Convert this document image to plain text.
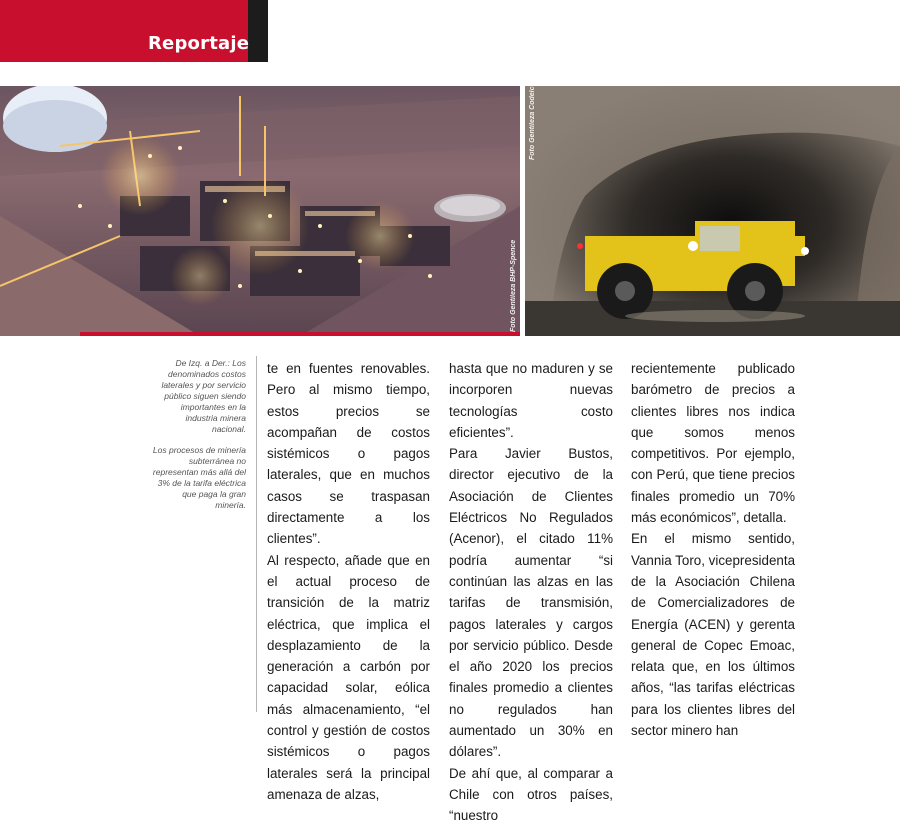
Reportaje
Foto Gentileza BHP-Spence
Foto Gentileza Codelco

De Izq. a Der.: Los denominados costos laterales y por servicio público siguen siendo importantes en la industria minera nacional.

Los procesos de minería subterránea no representan más allá del 3% de la tarifa eléctrica que paga la gran minería.

te en fuentes renovables. Pero al mismo tiempo, estos precios se acompañan de costos sistémicos o pagos laterales, que en muchos casos se traspasan directamente a los clientes”.

Al respecto, añade que en el actual proceso de transición de la matriz eléctrica, que implica el desplazamiento de la generación a carbón por capacidad solar, eólica más almacenamiento, “el control y gestión de costos sistémicos o pagos laterales será la principal amenaza de alzas,

hasta que no maduren y se incorporen nuevas tecnologías costo eficientes”.

Para Javier Bustos, director ejecutivo de la Asociación de Clientes Eléctricos No Regulados (Acenor), el citado 11% podría aumentar “si continúan las alzas en las tarifas de transmisión, pagos laterales y cargos por servicio público. Desde el año 2020 los precios finales promedio a clientes no regulados han aumentado un 30% en dólares”.

De ahí que, al comparar a Chile con otros países, “nuestro

recientemente publicado barómetro de precios a clientes libres nos indica que somos menos competitivos. Por ejemplo, con Perú, que tiene precios finales promedio un 70% más económicos”, detalla.

En el mismo sentido, Vannia Toro, vicepresidenta de la Asociación Chilena de Comercializadores de Energía (ACEN) y gerenta general de Copec Emoac, relata que, en los últimos años, “las tarifas eléctricas para los clientes libres del sector minero han
